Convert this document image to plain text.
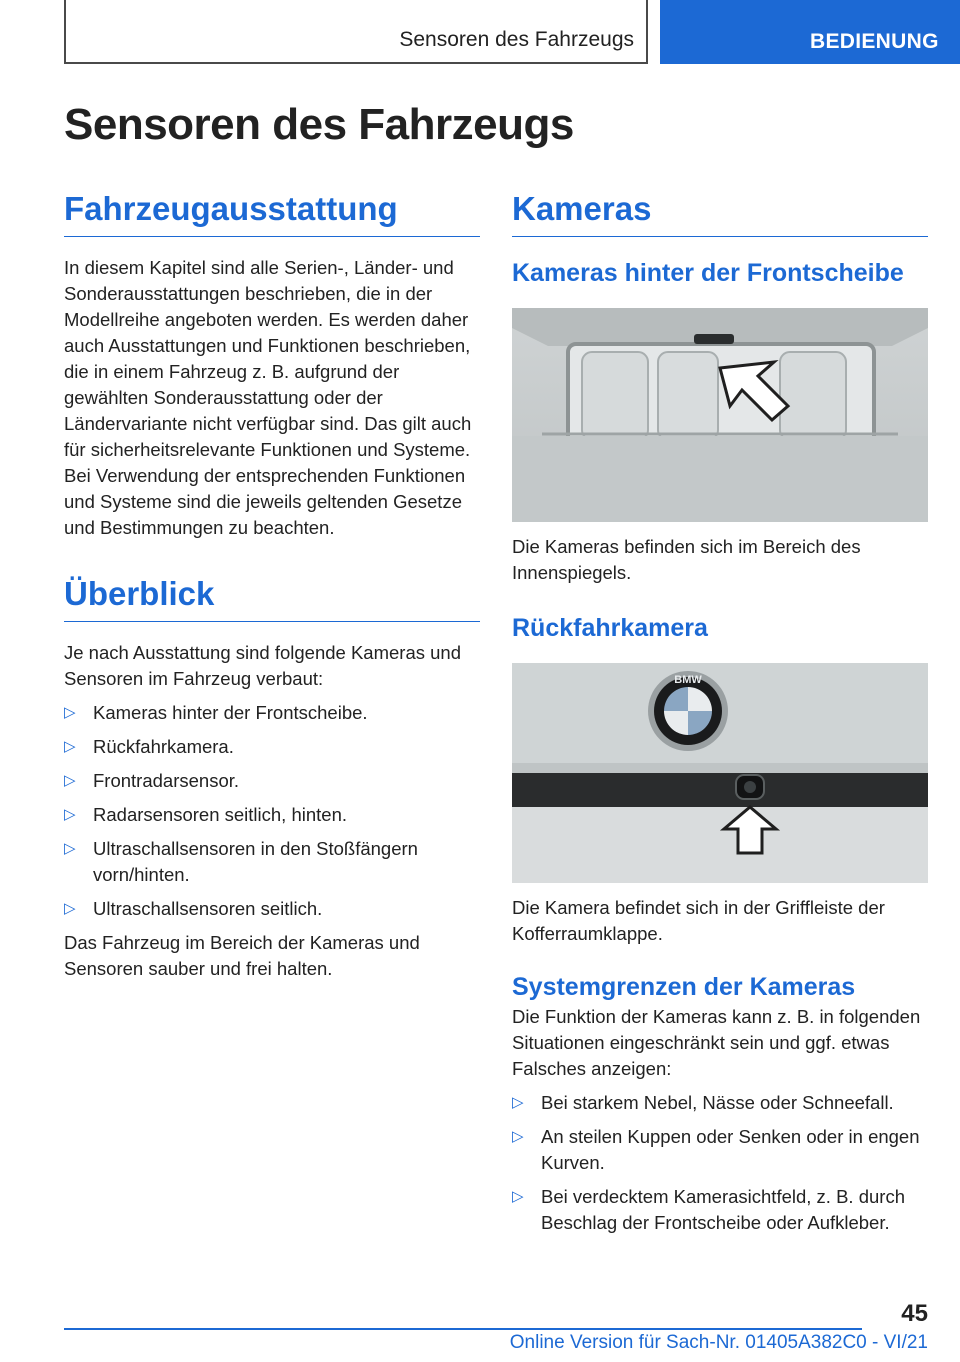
Sensoren des Fahrzeugs	BEDIENUNG
Sensoren des Fahrzeugs
Fahrzeugausstattung

In diesem Kapitel sind alle Serien-, Länder- und Sonderausstattungen beschrieben, die in der Modellreihe angeboten werden. Es werden daher auch Ausstattungen und Funktionen beschrieben, die in einem Fahrzeug z. B. aufgrund der gewählten Sonderausstattung oder der Ländervariante nicht verfügbar sind. Das gilt auch für sicherheitsrelevante Funktionen und Systeme. Bei Verwendung der entsprechenden Funktionen und Systeme sind die jeweils geltenden Gesetze und Bestimmungen zu beachten.

Überblick

Je nach Ausstattung sind folgende Kameras und Sensoren im Fahrzeug verbaut:

▷ Kameras hinter der Frontscheibe.
▷ Rückfahrkamera.
▷ Frontradarsensor.
▷ Radarsensoren seitlich, hinten.
▷ Ultraschallsensoren in den Stoßfängern vorn/hinten.
▷ Ultraschallsensoren seitlich.

Das Fahrzeug im Bereich der Kameras und Sensoren sauber und frei halten.

Kameras
Kameras hinter der Frontscheibe

Die Kameras befinden sich im Bereich des Innenspiegels.

Rückfahrkamera
BMW

Die Kamera befindet sich in der Griffleiste der Kofferraumklappe.

Systemgrenzen der Kameras

Die Funktion der Kameras kann z. B. in folgenden Situationen eingeschränkt sein und ggf. etwas Falsches anzeigen:

▷ Bei starkem Nebel, Nässe oder Schneefall.
▷ An steilen Kuppen oder Senken oder in engen Kurven.
▷ Bei verdecktem Kamerasichtfeld, z. B. durch Beschlag der Frontscheibe oder Aufkleber.
45
Online Version für Sach-Nr. 01405A382C0 - VI/21
